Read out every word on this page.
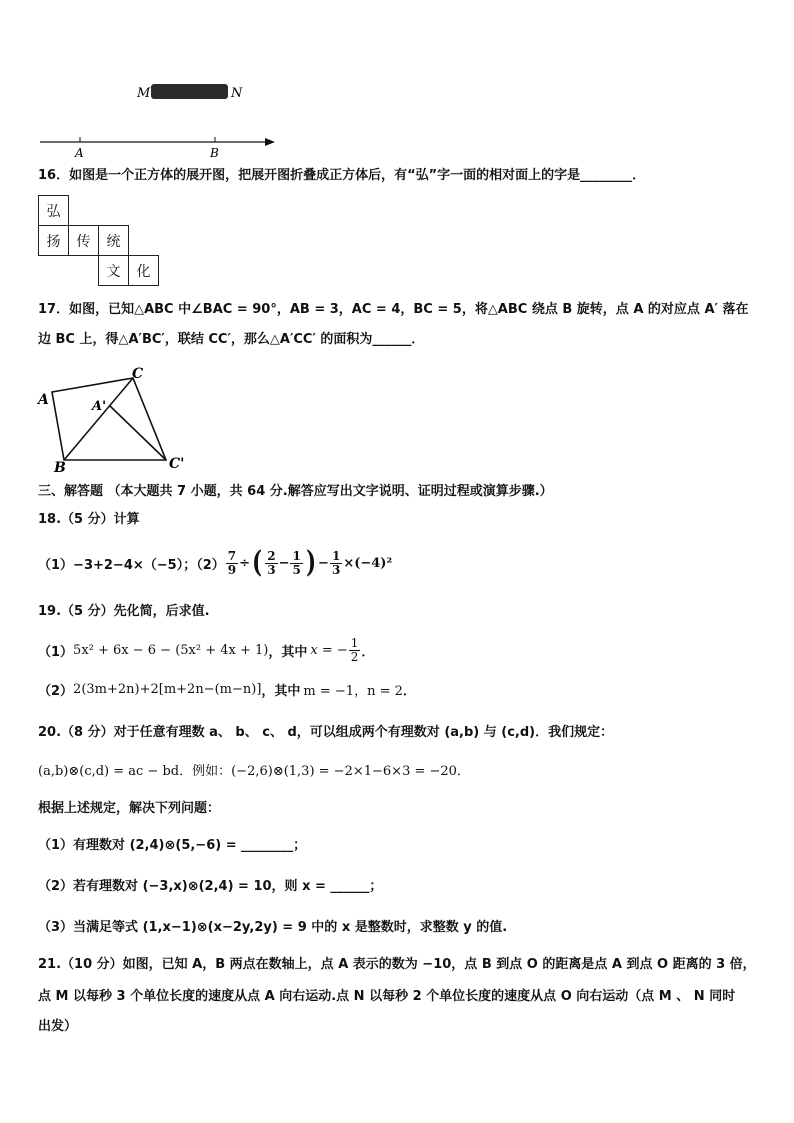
M	N
A	B
16．如图是一个正方体的展开图，把展开图折叠成正方体后，有“弘”字一面的相对面上的字是________．
弘			
扬	传	统	
		文	化
17．如图，已知△ABC 中∠BAC = 90°，AB = 3，AC = 4，BC = 5，将△ABC 绕点 B 旋转，点 A 的对应点 A′ 落在
边 BC 上，得△A′BC′，联结 CC′，那么△A′CC′ 的面积为______．
A	A'
B
C
C'
三、解答题 （本大题共 7 小题，共 64 分.解答应写出文字说明、证明过程或演算步骤.）
18.（5 分）计算
（1）−3+2−4×（−5）；$(2) \frac{7}{9}$ ÷ ( $\frac{2}{3} - \frac{1}{5}$ ) − $\frac{1}{3} \times(-4)^2$
19.（5 分）先化简，后求值.
（1） 5x² + 6x − 6 − (5x² + 4x + 1) ，其中 x = − $\frac{1}{2}$ ．
（2） 2(3m+2n)+2[m+2n−(m−n)] ，其中 m = −1，n = 2 ．
20.（8 分）对于任意有理数 a、 b、 c、 d，可以组成两个有理数对 (a,b) 与 (c,d)．我们规定：
(a,b)⊗(c,d) = ac − bd．例如：(−2,6)⊗(1,3) = −2×1−6×3 = −20．
根据上述规定，解决下列问题：
（1）有理数对 (2,4)⊗(5,−6) = ________；
（2）若有理数对 (−3,x)⊗(2,4) = 10，则 x = ______；
（3）当满足等式 (1,x−1)⊗(x−2y,2y) = 9 中的 x 是整数时，求整数 y 的值.
21.（10 分）如图，已知 A，B 两点在数轴上，点 A 表示的数为 −10，点 B 到点 O 的距离是点 A 到点 O 距离的 3 倍，
点 M 以每秒 3 个单位长度的速度从点 A 向右运动.点 N 以每秒 2 个单位长度的速度从点 O 向右运动（点 M 、 N 同时
出发）
